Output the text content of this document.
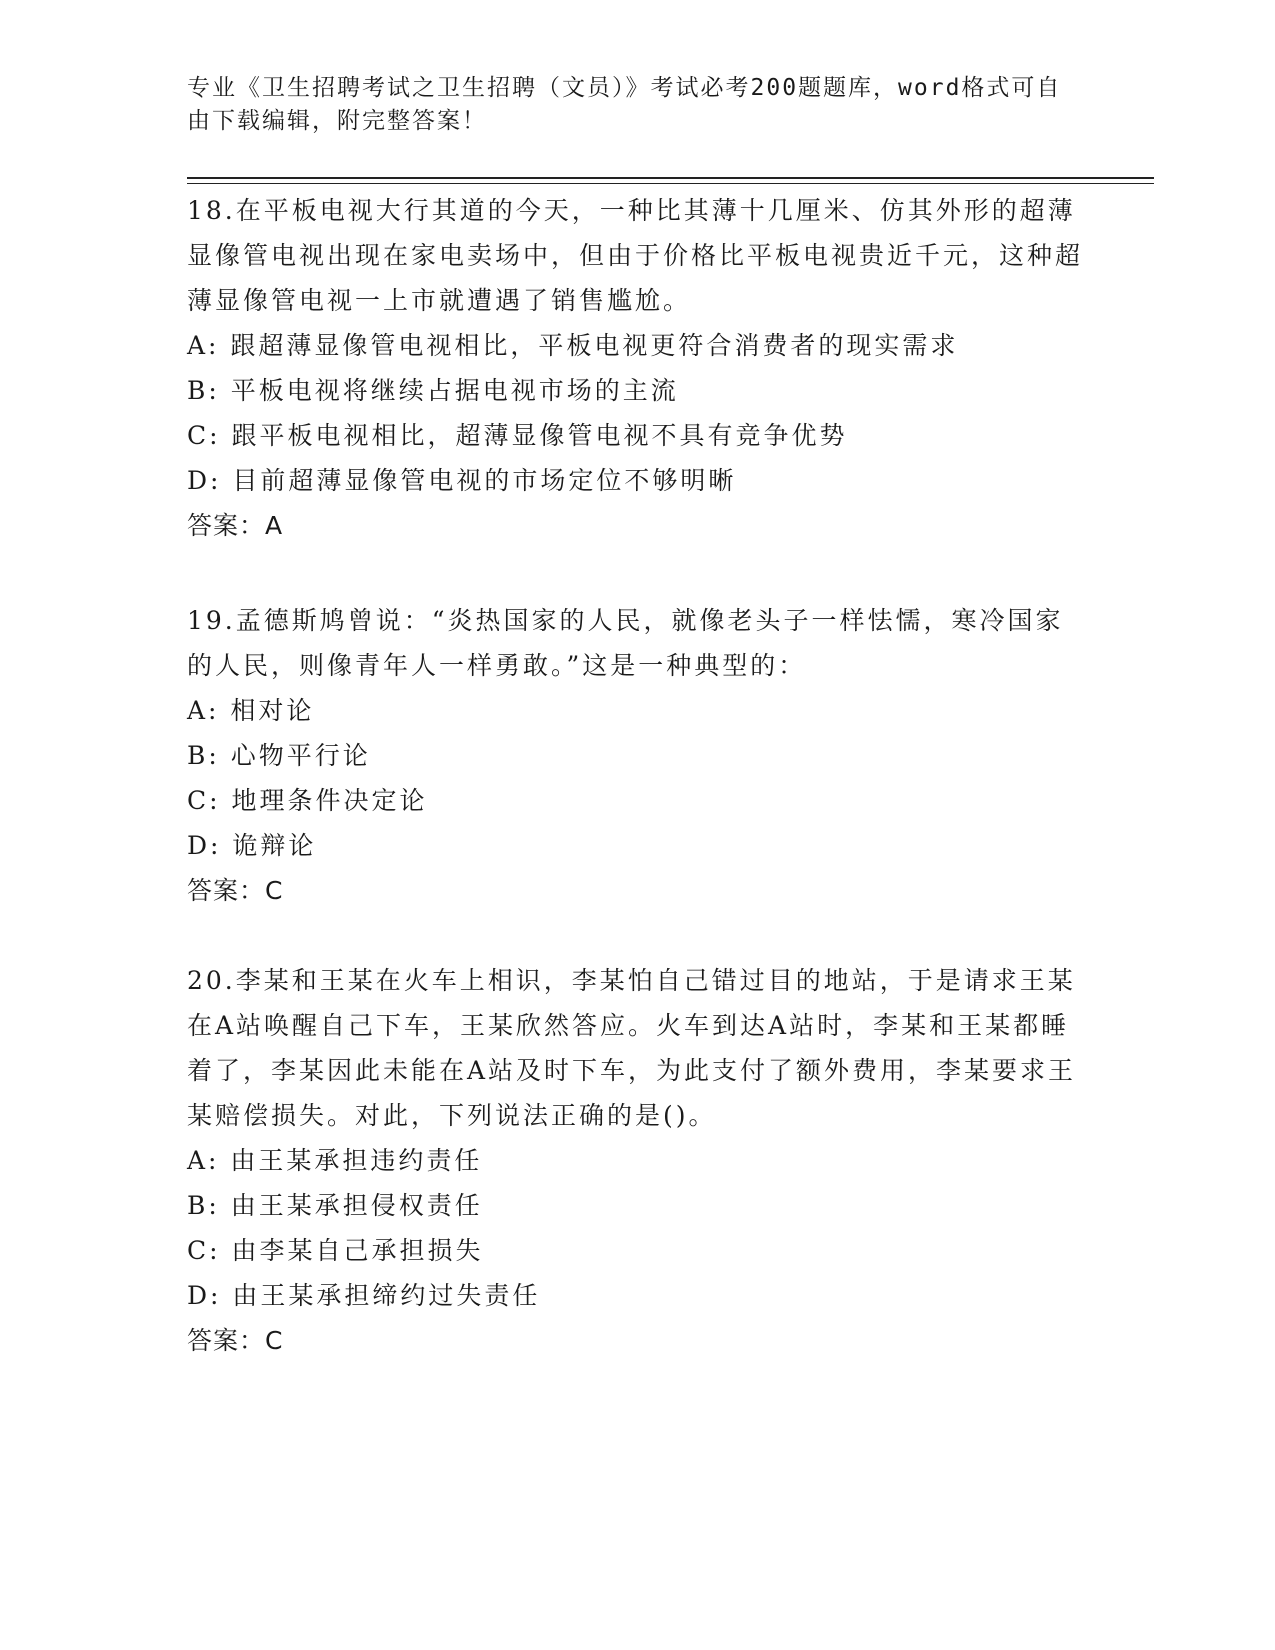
专业《卫生招聘考试之卫生招聘（文员）》考试必考200题题库，word格式可自由下载编辑，附完整答案！

18.在平板电视大行其道的今天，一种比其薄十几厘米、仿其外形的超薄显像管电视出现在家电卖场中，但由于价格比平板电视贵近千元，这种超薄显像管电视一上市就遭遇了销售尴尬。

A: 跟超薄显像管电视相比，平板电视更符合消费者的现实需求

B: 平板电视将继续占据电视市场的主流

C: 跟平板电视相比，超薄显像管电视不具有竞争优势

D: 目前超薄显像管电视的市场定位不够明晰

答案：A

19.孟德斯鸠曾说：“炎热国家的人民，就像老头子一样怯懦，寒冷国家的人民，则像青年人一样勇敢。”这是一种典型的：

A: 相对论

B: 心物平行论

C: 地理条件决定论

D: 诡辩论

答案：C

20.李某和王某在火车上相识，李某怕自己错过目的地站，于是请求王某在A站唤醒自己下车，王某欣然答应。火车到达A站时，李某和王某都睡着了，李某因此未能在A站及时下车，为此支付了额外费用，李某要求王某赔偿损失。对此，下列说法正确的是()。

A: 由王某承担违约责任

B: 由王某承担侵权责任

C: 由李某自己承担损失

D: 由王某承担缔约过失责任

答案：C
